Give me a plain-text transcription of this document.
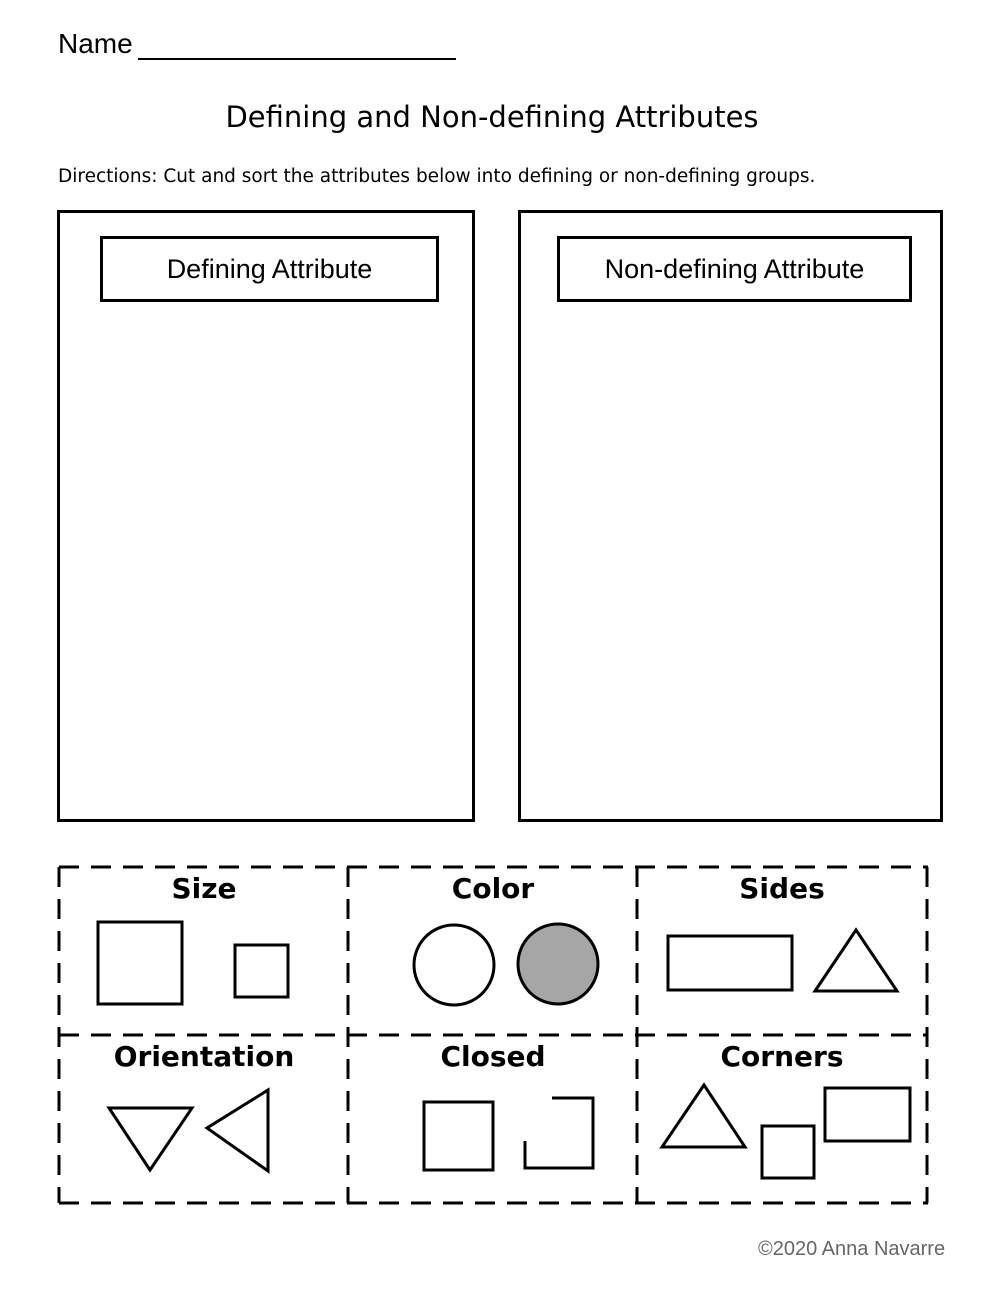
Name
Defining and Non-defining Attributes
Directions: Cut and sort the attributes below into defining or non-defining groups.
Defining Attribute	Non-defining Attribute
Size	Color	Sides
Orientation	Closed	Corners
©2020 Anna Navarre
